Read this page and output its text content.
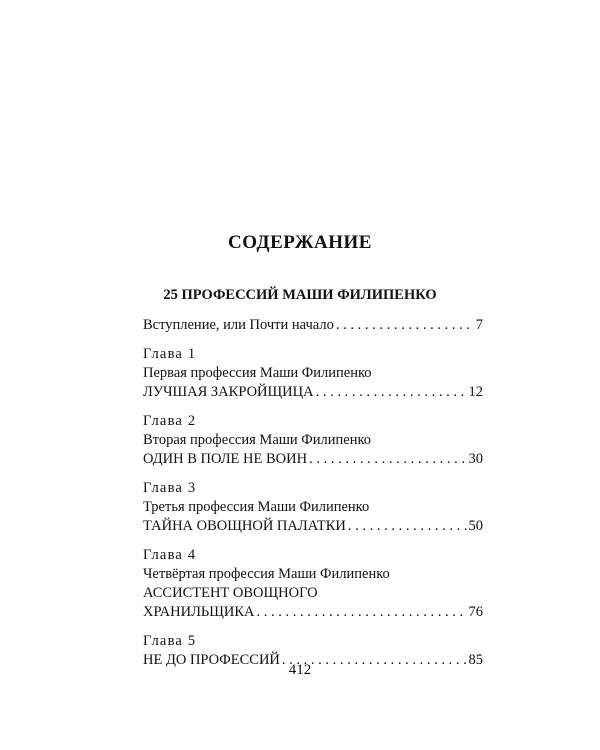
СОДЕРЖАНИЕ
25 ПРОФЕССИЙ МАШИ ФИЛИПЕНКО
Вступление, или Почти начало . . .	7
Глава 1
Первая профессия Маши Филипенко
ЛУЧШАЯ ЗАКРОЙЩИЦА . . .	12
Глава 2
Вторая профессия Маши Филипенко
ОДИН В ПОЛЕ НЕ ВОИН . . .	30
Глава 3
Третья профессия Маши Филипенко
ТАЙНА ОВОЩНОЙ ПАЛАТКИ . . .	50
Глава 4
Четвёртая профессия Маши Филипенко
АССИСТЕНТ ОВОЩНОГО
ХРАНИЛЬЩИКА . . .	76
Глава 5
НЕ ДО ПРОФЕССИЙ . . .	85
412
